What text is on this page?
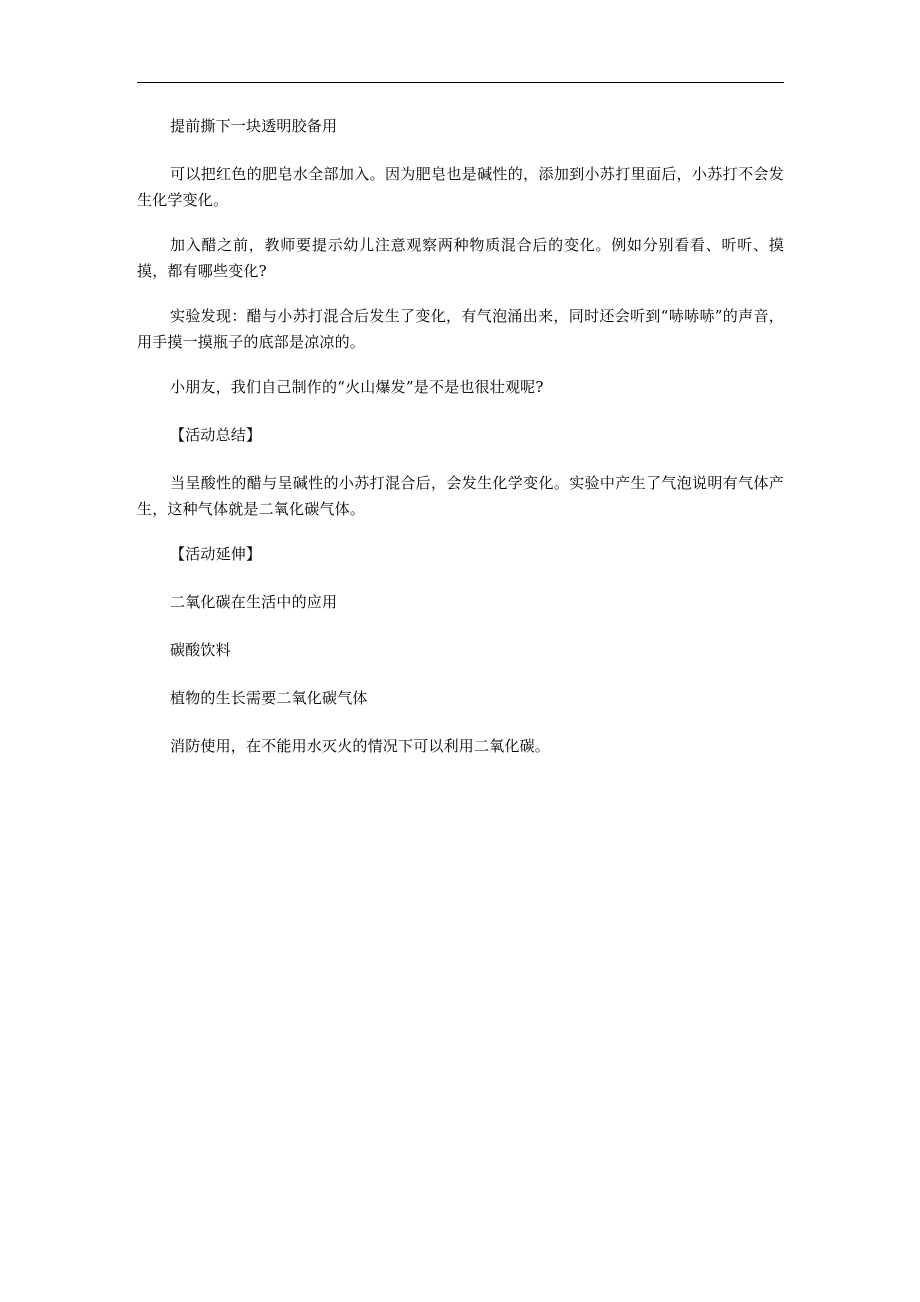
提前撕下一块透明胶备用

可以把红色的肥皂水全部加入。因为肥皂也是碱性的，添加到小苏打里面后，小苏打不会发生化学变化。

加入醋之前，教师要提示幼儿注意观察两种物质混合后的变化。例如分别看看、听听、摸摸，都有哪些变化?

实验发现：醋与小苏打混合后发生了变化，有气泡涌出来，同时还会听到“哧哧哧”的声音，用手摸一摸瓶子的底部是凉凉的。

小朋友，我们自己制作的“火山爆发”是不是也很壮观呢?

【活动总结】

当呈酸性的醋与呈碱性的小苏打混合后，会发生化学变化。实验中产生了气泡说明有气体产生，这种气体就是二氧化碳气体。

【活动延伸】

二氧化碳在生活中的应用

碳酸饮料

植物的生长需要二氧化碳气体

消防使用，在不能用水灭火的情况下可以利用二氧化碳。
